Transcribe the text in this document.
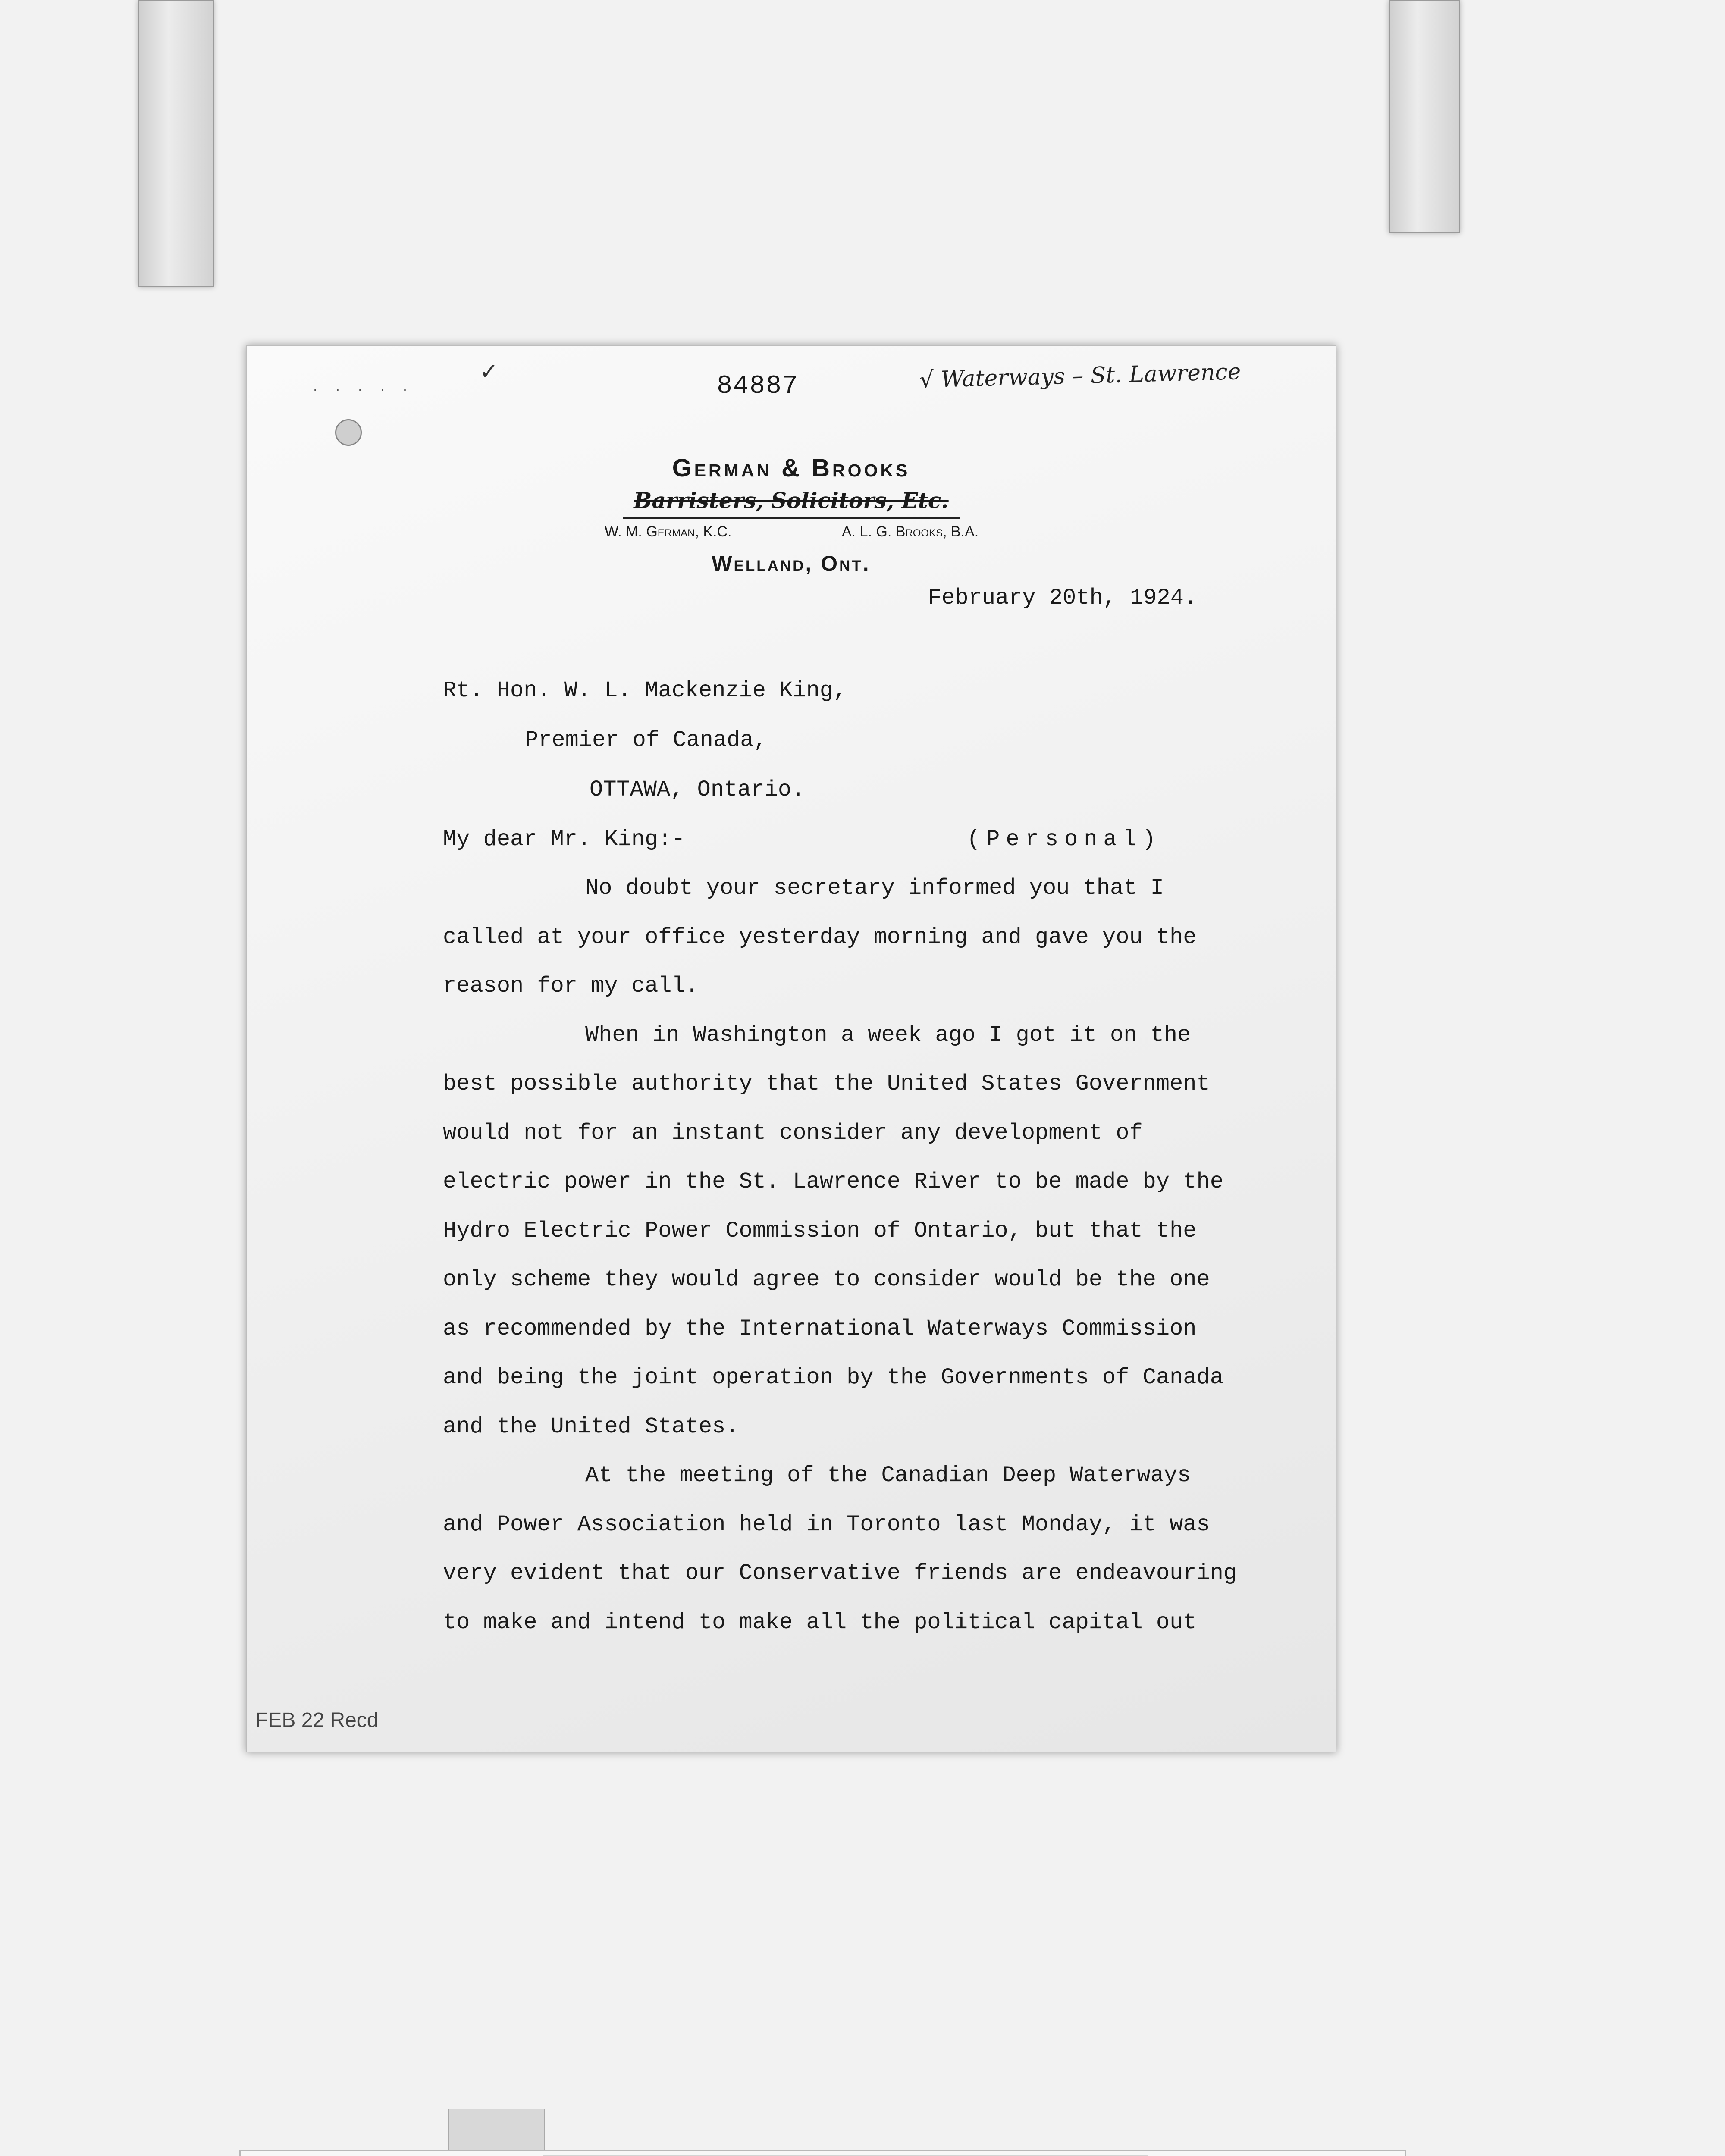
. . . . .
✓	84887	√ Waterways – St. Lawrence
German & Brooks
Barristers, Solicitors, Etc.
W. M. German, K.C.	A. L. G. Brooks, B.A.
Welland, Ont.
February 20th, 1924.
Rt. Hon. W. L. Mackenzie King,
Premier of Canada,
OTTAWA, Ontario.
My dear Mr. King:-	(Personal)
No doubt your secretary informed you that I
called at your office yesterday morning and gave you the
reason for my call.
When in Washington a week ago I got it on the
best possible authority that the United States Government
would not for an instant consider any development of
electric power in the St. Lawrence River to be made by the
Hydro Electric Power Commission of Ontario, but that the
only scheme they would agree to consider would be the one
as recommended by the International Waterways Commission
and being the joint operation by the Governments of Canada
and the United States.
At the meeting of the Canadian Deep Waterways
and Power Association held in Toronto last Monday, it was
very evident that our Conservative friends are endeavouring
to make and intend to make all the political capital out
FEB 22 Recd
